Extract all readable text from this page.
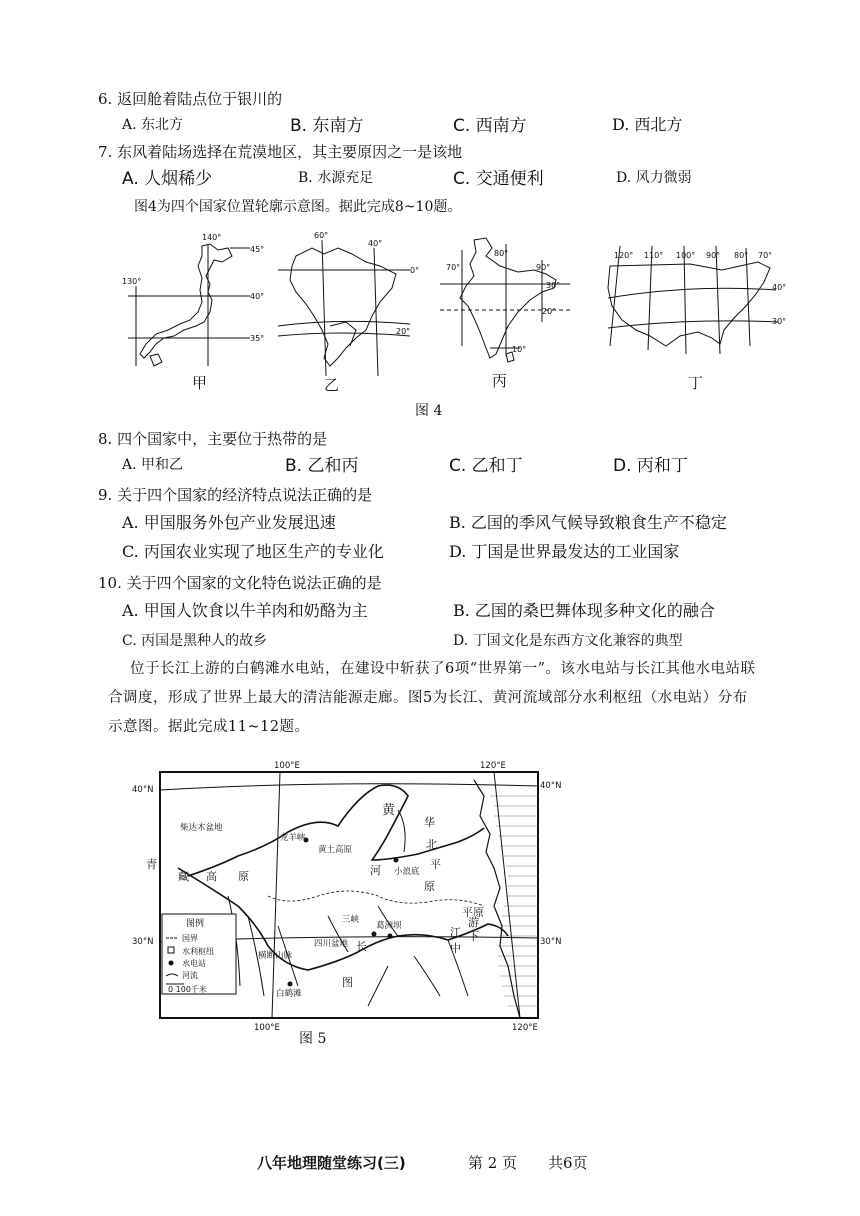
6. 返回舱着陆点位于银川的
A. 东北方	B. 东南方	C. 西南方	D. 西北方
7. 东风着陆场选择在荒漠地区，其主要原因之一是该地
A. 人烟稀少	B. 水源充足	C. 交通便利	D. 风力微弱
图4为四个国家位置轮廓示意图。据此完成8~10题。
140°
130°
45°
40°
35°
60°
40°
0°
20°
70°
80°
90°
30°
20°
10°
120° 110° 100° 90° 80° 70°
40°
30°
甲	乙	丙	丁
图 4
8. 四个国家中，主要位于热带的是
A. 甲和乙	B. 乙和丙	C. 乙和丁	D. 丙和丁
9. 关于四个国家的经济特点说法正确的是
A. 甲国服务外包产业发展迅速	B. 乙国的季风气候导致粮食生产不稳定
C. 丙国农业实现了地区生产的专业化	D. 丁国是世界最发达的工业国家
10. 关于四个国家的文化特色说法正确的是
A. 甲国人饮食以牛羊肉和奶酪为主	B. 乙国的桑巴舞体现多种文化的融合
C. 丙国是黑种人的故乡	D. 丁国文化是东西方文化兼容的典型
位于长江上游的白鹤滩水电站，在建设中斩获了6项“世界第一”。该水电站与长江其他水电站联合调度，形成了世界上最大的清洁能源走廊。图5为长江、黄河流域部分水利枢纽（水电站）分布示意图。据此完成11~12题。
100°E	120°E
40°N	40°N
30°N	30°N
100°E	120°E
柴达木盆地
龙羊峡
黄土高原
小浪底
三峡
葛洲坝
四川盆地
横断山脉
白鹤滩
青
藏 高 原
黄
河
华
北
平
原
长
江
中
下
游
平原
图
图例
国界
水利枢纽
水电站
河流
0 100千米
图 5
八年地理随堂练习(三)	第 2 页 共6页
